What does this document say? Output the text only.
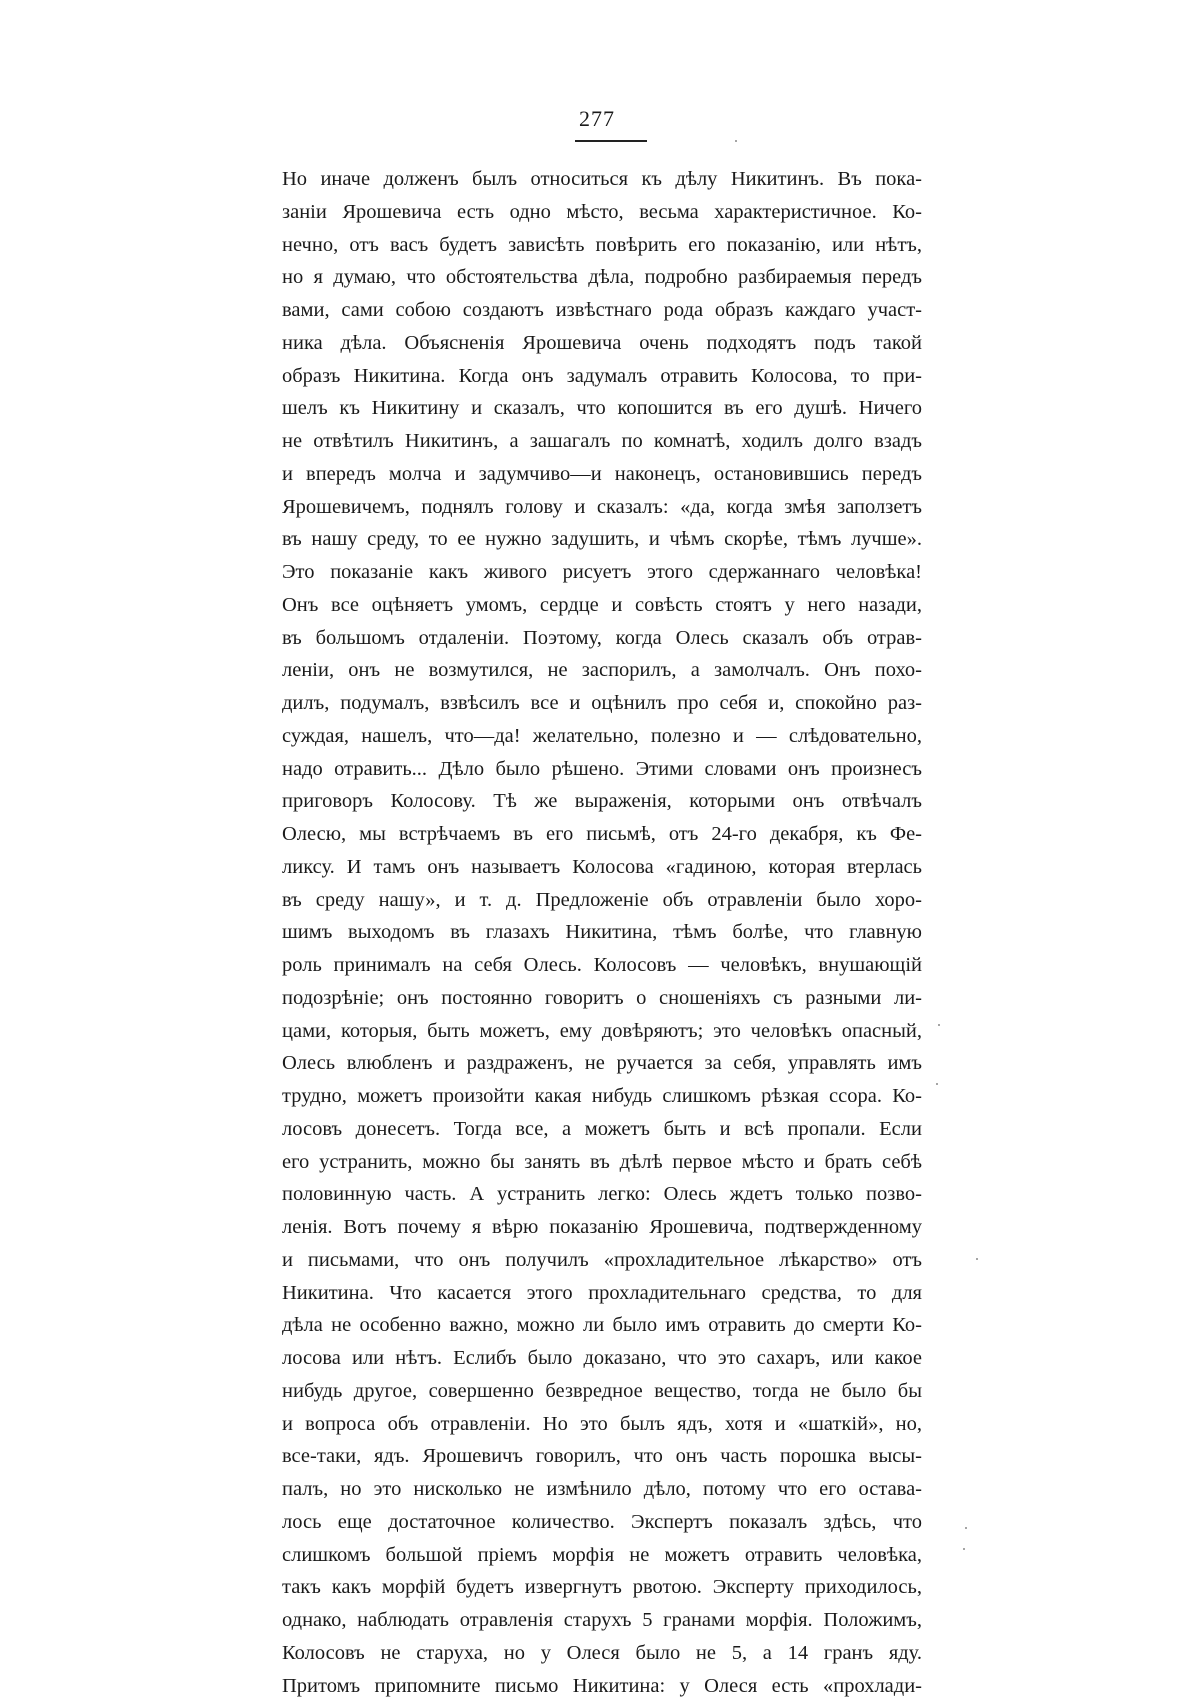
277
Но иначе долженъ былъ относиться къ дѣлу Никитинъ. Въ пока-
заніи Ярошевича есть одно мѣсто, весьма характеристичное. Ко-
нечно, отъ васъ будетъ зависѣть повѣрить его показанію, или нѣтъ,
но я думаю, что обстоятельства дѣла, подробно разбираемыя передъ
вами, сами собою создаютъ извѣстнаго рода образъ каждаго участ-
ника дѣла. Объясненія Ярошевича очень подходятъ подъ такой
образъ Никитина. Когда онъ задумалъ отравить Колосова, то при-
шелъ къ Никитину и сказалъ, что копошится въ его душѣ. Ничего
не отвѣтилъ Никитинъ, а зашагалъ по комнатѣ, ходилъ долго взадъ
и впередъ молча и задумчиво—и наконецъ, остановившись передъ
Ярошевичемъ, поднялъ голову и сказалъ: «да, когда змѣя заползетъ
въ нашу среду, то ее нужно задушить, и чѣмъ скорѣе, тѣмъ лучше».
Это показаніе какъ живого рисуетъ этого сдержаннаго человѣка!
Онъ все оцѣняетъ умомъ, сердце и совѣсть стоятъ у него назади,
въ большомъ отдаленіи. Поэтому, когда Олесь сказалъ объ отрав-
леніи, онъ не возмутился, не заспорилъ, а замолчалъ. Онъ похо-
дилъ, подумалъ, взвѣсилъ все и оцѣнилъ про себя и, спокойно раз-
суждая, нашелъ, что—да! желательно, полезно и — слѣдовательно,
надо отравить... Дѣло было рѣшено. Этими словами онъ произнесъ
приговоръ Колосову. Тѣ же выраженія, которыми онъ отвѣчалъ
Олесю, мы встрѣчаемъ въ его письмѣ, отъ 24-го декабря, къ Фе-
ликсу. И тамъ онъ называетъ Колосова «гадиною, которая втерлась
въ среду нашу», и т. д. Предложеніе объ отравленіи было хоро-
шимъ выходомъ въ глазахъ Никитина, тѣмъ болѣе, что главную
роль принималъ на себя Олесь. Колосовъ — человѣкъ, внушающій
подозрѣніе; онъ постоянно говоритъ о сношеніяхъ съ разными ли-
цами, которыя, быть можетъ, ему довѣряютъ; это человѣкъ опасный,
Олесь влюбленъ и раздраженъ, не ручается за себя, управлять имъ
трудно, можетъ произойти какая нибудь слишкомъ рѣзкая ссора. Ко-
лосовъ донесетъ. Тогда все, а можетъ быть и всѣ пропали. Если
его устранить, можно бы занять въ дѣлѣ первое мѣсто и брать себѣ
половинную часть. А устранить легко: Олесь ждетъ только позво-
ленія. Вотъ почему я вѣрю показанію Ярошевича, подтвержденному
и письмами, что онъ получилъ «прохладительное лѣкарство» отъ
Никитина. Что касается этого прохладительнаго средства, то для
дѣла не особенно важно, можно ли было имъ отравить до смерти Ко-
лосова или нѣтъ. Еслибъ было доказано, что это сахаръ, или какое
нибудь другое, совершенно безвредное вещество, тогда не было бы
и вопроса объ отравленіи. Но это былъ ядъ, хотя и «шаткій», но,
все-таки, ядъ. Ярошевичъ говорилъ, что онъ часть порошка высы-
палъ, но это нисколько не измѣнило дѣло, потому что его остава-
лось еще достаточное количество. Экспертъ показалъ здѣсь, что
слишкомъ большой пріемъ морфія не можетъ отравить человѣка,
такъ какъ морфій будетъ извергнутъ рвотою. Эксперту приходилось,
однако, наблюдать отравленія старухъ 5 гранами морфія. Положимъ,
Колосовъ не старуха, но у Олеся было не 5, а 14 гранъ яду.
Притомъ припомните письмо Никитина: у Олеся есть «прохлади-
